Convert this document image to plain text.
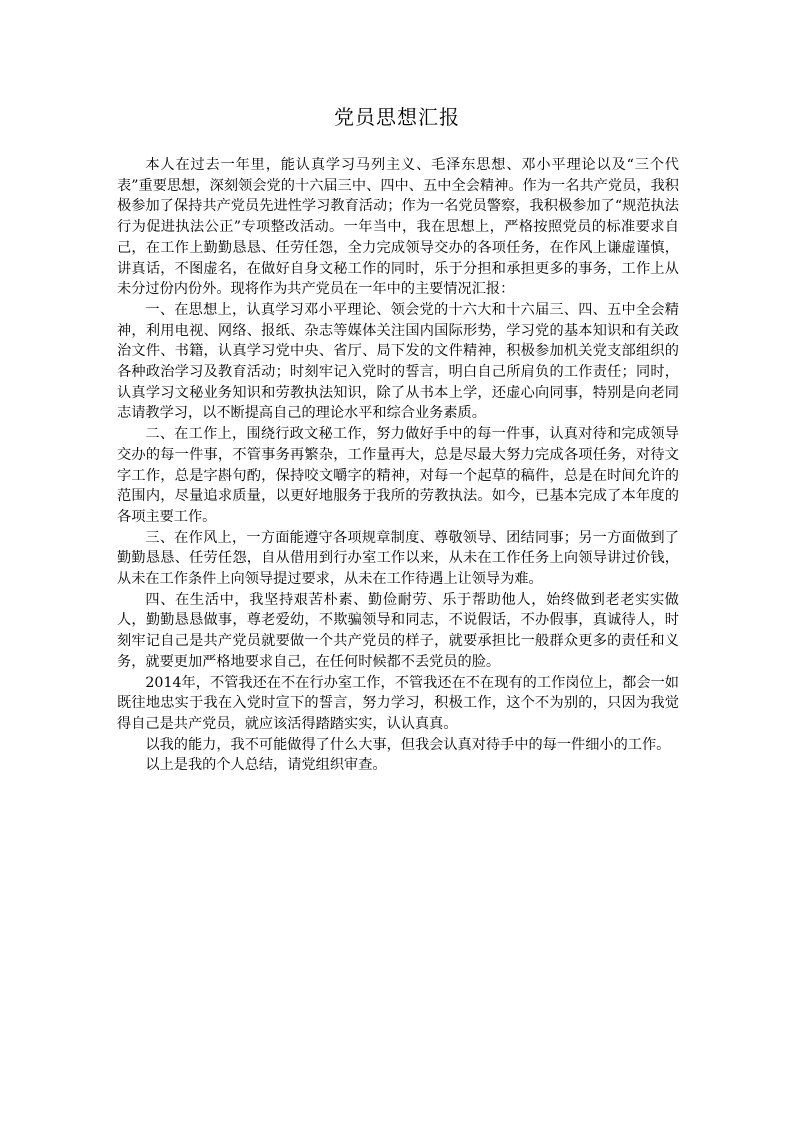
党员思想汇报

本人在过去一年里，能认真学习马列主义、毛泽东思想、邓小平理论以及“三个代表”重要思想，深刻领会党的十六届三中、四中、五中全会精神。作为一名共产党员，我积极参加了保持共产党员先进性学习教育活动；作为一名党员警察，我积极参加了“规范执法行为促进执法公正”专项整改活动。一年当中，我在思想上，严格按照党员的标准要求自己，在工作上勤勤恳恳、任劳任怨，全力完成领导交办的各项任务，在作风上谦虚谨慎，讲真话，不图虚名，在做好自身文秘工作的同时，乐于分担和承担更多的事务，工作上从未分过份内份外。现将作为共产党员在一年中的主要情况汇报：

一、在思想上，认真学习邓小平理论、领会党的十六大和十六届三、四、五中全会精神，利用电视、网络、报纸、杂志等媒体关注国内国际形势，学习党的基本知识和有关政治文件、书籍，认真学习党中央、省厅、局下发的文件精神，积极参加机关党支部组织的各种政治学习及教育活动；时刻牢记入党时的誓言，明白自己所肩负的工作责任；同时，认真学习文秘业务知识和劳教执法知识，除了从书本上学，还虚心向同事，特别是向老同志请教学习，以不断提高自己的理论水平和综合业务素质。

二、在工作上，围绕行政文秘工作，努力做好手中的每一件事，认真对待和完成领导交办的每一件事，不管事务再繁杂，工作量再大，总是尽最大努力完成各项任务，对待文字工作，总是字斟句酌，保持咬文嚼字的精神，对每一个起草的稿件，总是在时间允许的范围内，尽量追求质量，以更好地服务于我所的劳教执法。如今，已基本完成了本年度的各项主要工作。

三、在作风上，一方面能遵守各项规章制度、尊敬领导、团结同事；另一方面做到了勤勤恳恳、任劳任怨，自从借用到行办室工作以来，从未在工作任务上向领导讲过价钱，从未在工作条件上向领导提过要求，从未在工作待遇上让领导为难。

四、在生活中，我坚持艰苦朴素、勤俭耐劳、乐于帮助他人，始终做到老老实实做人，勤勤恳恳做事，尊老爱幼，不欺骗领导和同志，不说假话，不办假事，真诚待人，时刻牢记自己是共产党员就要做一个共产党员的样子，就要承担比一般群众更多的责任和义务，就要更加严格地要求自己，在任何时候都不丢党员的脸。

2014年，不管我还在不在行办室工作，不管我还在不在现有的工作岗位上，都会一如既往地忠实于我在入党时宣下的誓言，努力学习，积极工作，这个不为别的，只因为我觉得自己是共产党员，就应该活得踏踏实实，认认真真。

以我的能力，我不可能做得了什么大事，但我会认真对待手中的每一件细小的工作。

以上是我的个人总结，请党组织审查。
